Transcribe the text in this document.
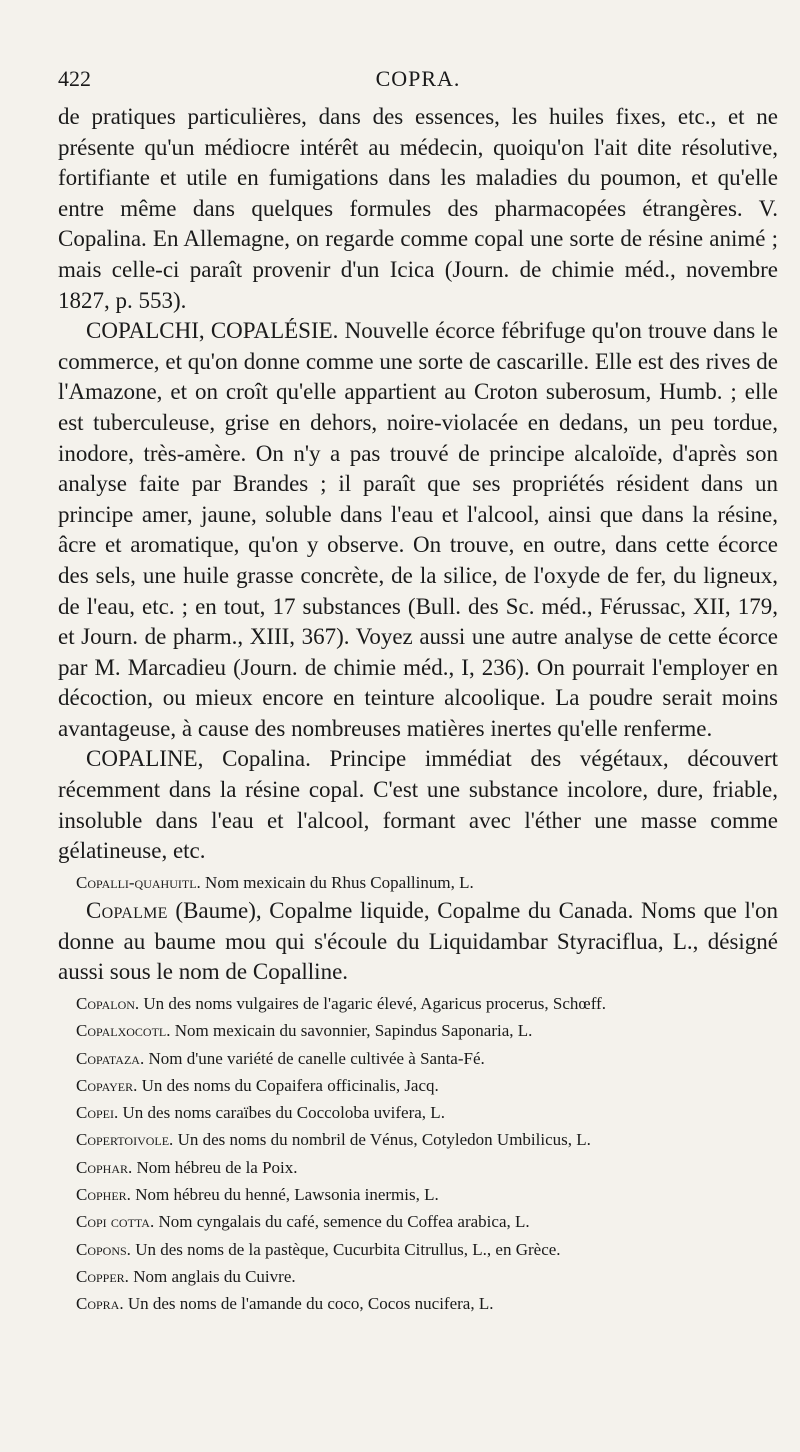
422	COPRA.

de pratiques particulières, dans des essences, les huiles fixes, etc., et ne présente qu'un médiocre intérêt au médecin, quoiqu'on l'ait dite résolutive, fortifiante et utile en fumigations dans les maladies du poumon, et qu'elle entre même dans quelques formules des pharmacopées étrangères. V. Copalina. En Allemagne, on regarde comme copal une sorte de résine animé ; mais celle-ci paraît provenir d'un Icica (Journ. de chimie méd., novembre 1827, p. 553).

COPALCHI, COPALÉSIE. Nouvelle écorce fébrifuge qu'on trouve dans le commerce, et qu'on donne comme une sorte de cascarille. Elle est des rives de l'Amazone, et on croît qu'elle appartient au Croton suberosum, Humb. ; elle est tuberculeuse, grise en dehors, noire-violacée en dedans, un peu tordue, inodore, très-amère. On n'y a pas trouvé de principe alcaloïde, d'après son analyse faite par Brandes ; il paraît que ses propriétés résident dans un principe amer, jaune, soluble dans l'eau et l'alcool, ainsi que dans la résine, âcre et aromatique, qu'on y observe. On trouve, en outre, dans cette écorce des sels, une huile grasse concrète, de la silice, de l'oxyde de fer, du ligneux, de l'eau, etc. ; en tout, 17 substances (Bull. des Sc. méd., Férussac, XII, 179, et Journ. de pharm., XIII, 367). Voyez aussi une autre analyse de cette écorce par M. Marcadieu (Journ. de chimie méd., I, 236). On pourrait l'employer en décoction, ou mieux encore en teinture alcoolique. La poudre serait moins avantageuse, à cause des nombreuses matières inertes qu'elle renferme.

COPALINE, Copalina. Principe immédiat des végétaux, découvert récemment dans la résine copal. C'est une substance incolore, dure, friable, insoluble dans l'eau et l'alcool, formant avec l'éther une masse comme gélatineuse, etc.

Copalli-quahuitl. Nom mexicain du Rhus Copallinum, L.

Copalme (Baume), Copalme liquide, Copalme du Canada. Noms que l'on donne au baume mou qui s'écoule du Liquidambar Styraciflua, L., désigné aussi sous le nom de Copalline.

Copalon. Un des noms vulgaires de l'agaric élevé, Agaricus procerus, Schœff.

Copalxocotl. Nom mexicain du savonnier, Sapindus Saponaria, L.

Copataza. Nom d'une variété de canelle cultivée à Santa-Fé.

Copayer. Un des noms du Copaifera officinalis, Jacq.

Copei. Un des noms caraïbes du Coccoloba uvifera, L.

Copertoivole. Un des noms du nombril de Vénus, Cotyledon Umbilicus, L.

Cophar. Nom hébreu de la Poix.

Copher. Nom hébreu du henné, Lawsonia inermis, L.

Copi cotta. Nom cyngalais du café, semence du Coffea arabica, L.

Copons. Un des noms de la pastèque, Cucurbita Citrullus, L., en Grèce.

Copper. Nom anglais du Cuivre.

Copra. Un des noms de l'amande du coco, Cocos nucifera, L.
